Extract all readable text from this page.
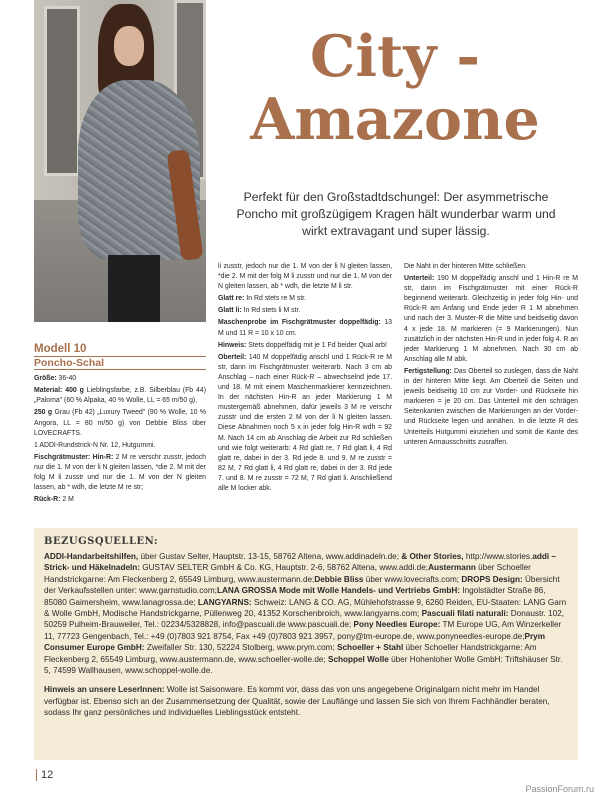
City -
Amazone
Perfekt für den Großstadtdschungel: Der asymmetrische Poncho mit großzügigem Kragen hält wunderbar warm und wirkt extravagant und super lässig.
Modell 10
Poncho-Schal

Größe: 36-40

Material: 400 g Lieblingsfarbe, z.B. Silberblau (Fb 44) „Paloma" (60 % Alpaka, 40 % Wolle, LL = 65 m/50 g),

250 g Grau (Fb 42) „Luxury Tweed" (90 % Wolle, 10 % Angora, LL = 80 m/50 g) von Debbie Bliss über LOVECRAFTS.

1 ADDI-Rundstrick-N Nr. 12, Hutgummi.

Fischgrätmuster: Hin-R: 2 M re verschr zusstr, jedoch nur die 1. M von der li N gleiten lassen, *die 2. M mit der folg M li zusstr und nur die 1. M von der N gleiten lassen, ab * wdh, die letzte M re str;

Rück-R: 2 M

li zusstr, jedoch nur die 1. M von der li N gleiten lassen, *die 2. M mit der folg M li zusstr und nur die 1. M von der N gleiten lassen, ab * wdh, die letzte M li str.

Glatt re: In Rd stets re M str.

Glatt li: In Rd stets li M str.

Maschenprobe im Fischgrätmuster doppelfädig: 13 M und 11 R = 10 x 10 cm.

Hinweis: Stets doppelfädig mit je 1 Fd beider Qual arb!

Oberteil: 140 M doppelfädig anschl und 1 Rück-R re M str, dann im Fischgrätmuster weiterarb. Nach 3 cm ab Anschlag – nach einer Rück-R – abwechselnd jede 17. und 18. M mit einem Maschenmarkierer kennzeichnen. In der nächsten Hin-R an jeder Markierung 1 M mustergemäß abnehmen, dafür jeweils 3 M re verschr zusstr und die ersten 2 M von der li N gleiten lassen. Diese Abnahmen noch 5 x in jeder folg Hin-R wdh = 92 M. Nach 14 cm ab Anschlag die Arbeit zur Rd schließen und wie folgt weiterarb: 4 Rd glatt re, 7 Rd glatt li, 4 Rd glatt re, dabei in der 3. Rd jede 8. und 9. M re zusstr = 82 M, 7 Rd glatt li, 4 Rd glatt re, dabei in der 3. Rd jede 7. und 8. M re zusstr = 72 M, 7 Rd glatt li. Anschließend alle M locker abk.

Die Naht in der hinteren Mitte schließen.

Unterteil: 190 M doppelfädig anschl und 1 Hin-R re M str, dann im Fischgrätmuster mit einer Rück-R beginnend weiterarb. Gleichzeitig in jeder folg Hin- und Rück-R am Anfang und Ende jeder R 1 M abnehmen und nach der 3. Muster-R die Mitte und beidseitig davon 4 x jede 18. M markieren (= 9 Markierungen). Nun zusätzlich in der nächsten Hin-R und in jeder folg 4. R an jeder Markierung 1 M abnehmen. Nach 30 cm ab Anschlag alle M abk.

Fertigstellung: Das Oberteil so zuslegen, dass die Naht in der hinteren Mitte liegt. Am Oberteil die Seiten und jeweils beidseitig 10 cm zur Vorder- und Rückseite hin markieren = je 20 cm. Das Unterteil mit den schrägen Seitenkanten zwischen die Markierungen an der Vorder- und Rückseite legen und annähen. In die letzte R des Unterteils Hutgummi einziehen und somit die Kante des unteren Armausschnitts zusraffen.

BEZUGSQUELLEN:
ADDI-Handarbeitshilfen, über Gustav Selter, Hauptstr. 13-15, 58762 Altena, www.addinadeln.de; & Other Stories, http://www.stories.addi – Strick- und Häkelnadeln: GUSTAV SELTER GmbH & Co. KG, Hauptstr. 2-6, 58762 Altena, www.addi.de;Austermann über Schoeller Handstrickgarne: Am Fleckenberg 2, 65549 Limburg, www.austermann.de;Debbie Bliss über www.lovecrafts.com; DROPS Design: Übersicht der Verkaufsstellen unter: www.garnstudio.com;LANA GROSSA Mode mit Wolle Handels- und Vertriebs GmbH: Ingolstädter Straße 86, 85080 Gaimersheim, www.lanagrossa.de; LANGYARNS: Schweiz: LANG & CO. AG, Mühlehofstrasse 9, 6260 Reiden, EU-Staaten: LANG Garn & Wolle GmbH, Modische Handstrickgarne, Püllenweg 20, 41352 Korschenbroich, www.langyarns.com; Pascuali filati naturali: Donaustr. 102, 50259 Pulheim-Brauweiler, Tel.: 02234/5328828, info@pascuali.de www.pascuali.de; Pony Needles Europe: TM Europe UG, Am Winzerkeller 11, 77723 Gengenbach, Tel.: +49 (0)7803 921 8754, Fax +49 (0)7803 921 3957, pony@tm-europe.de, www.ponyneedles-europe.de;Prym Consumer Europe GmbH: Zweifaller Str. 130, 52224 Stolberg, www.prym.com; Schoeller + Stahl über Schoeller Handstrickgarne: Am Fleckenberg 2, 65549 Limburg, www.austermann.de, www.schoeller-wolle.de; Schoppel Wolle über Hohenloher Wolle GmbH: Triftshäuser Str. 5, 74599 Wallhausen, www.schoppel-wolle.de.
Hinweis an unsere LeserInnen: Wolle ist Saisonware. Es kommt vor, dass das von uns angegebene Originalgarn nicht mehr im Handel verfügbar ist. Ebenso sich an der Zusammensetzung der Qualität, sowie der Lauflänge und lassen Sie sich von Ihrem Fachhändler beraten, sodass Ihr ganz persönliches und individuelles Lieblingsstück entsteht.
12
PassionForum.ru
